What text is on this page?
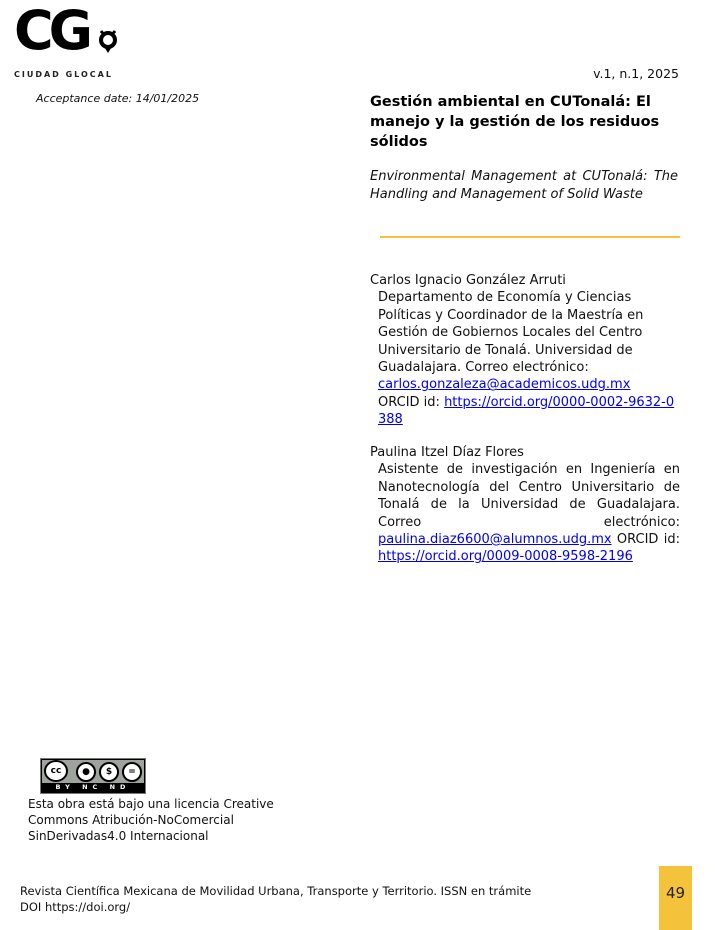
CG
CIUDAD GLOCAL	v.1, n.1, 2025
Acceptance date: 14/01/2025	Gestión ambiental en CUTonalá: El manejo y la gestión de los residuos sólidos
Environmental Management at CUTonalá: The Handling and Management of Solid Waste
Carlos Ignacio González Arruti
Departamento de Economía y Ciencias Políticas y Coordinador de la Maestría en Gestión de Gobiernos Locales del Centro Universitario de Tonalá. Universidad de Guadalajara. Correo electrónico: carlos.gonzaleza@academicos.udg.mx
ORCID id: https://orcid.org/0000-0002-9632-0388
Paulina Itzel Díaz Flores
Asistente de investigación en Ingeniería en Nanotecnología del Centro Universitario de Tonalá de la Universidad de Guadalajara. Correo electrónico: paulina.diaz6600@alumnos.udg.mx ORCID id: https://orcid.org/0009-0008-9598-2196
cc	●	$	=
BY NC ND
Esta obra está bajo una licencia Creative Commons Atribución-NoComercial SinDerivadas4.0 Internacional
Revista Científica Mexicana de Movilidad Urbana, Transporte y Territorio. ISSN en trámite
DOI https://doi.org/
49
